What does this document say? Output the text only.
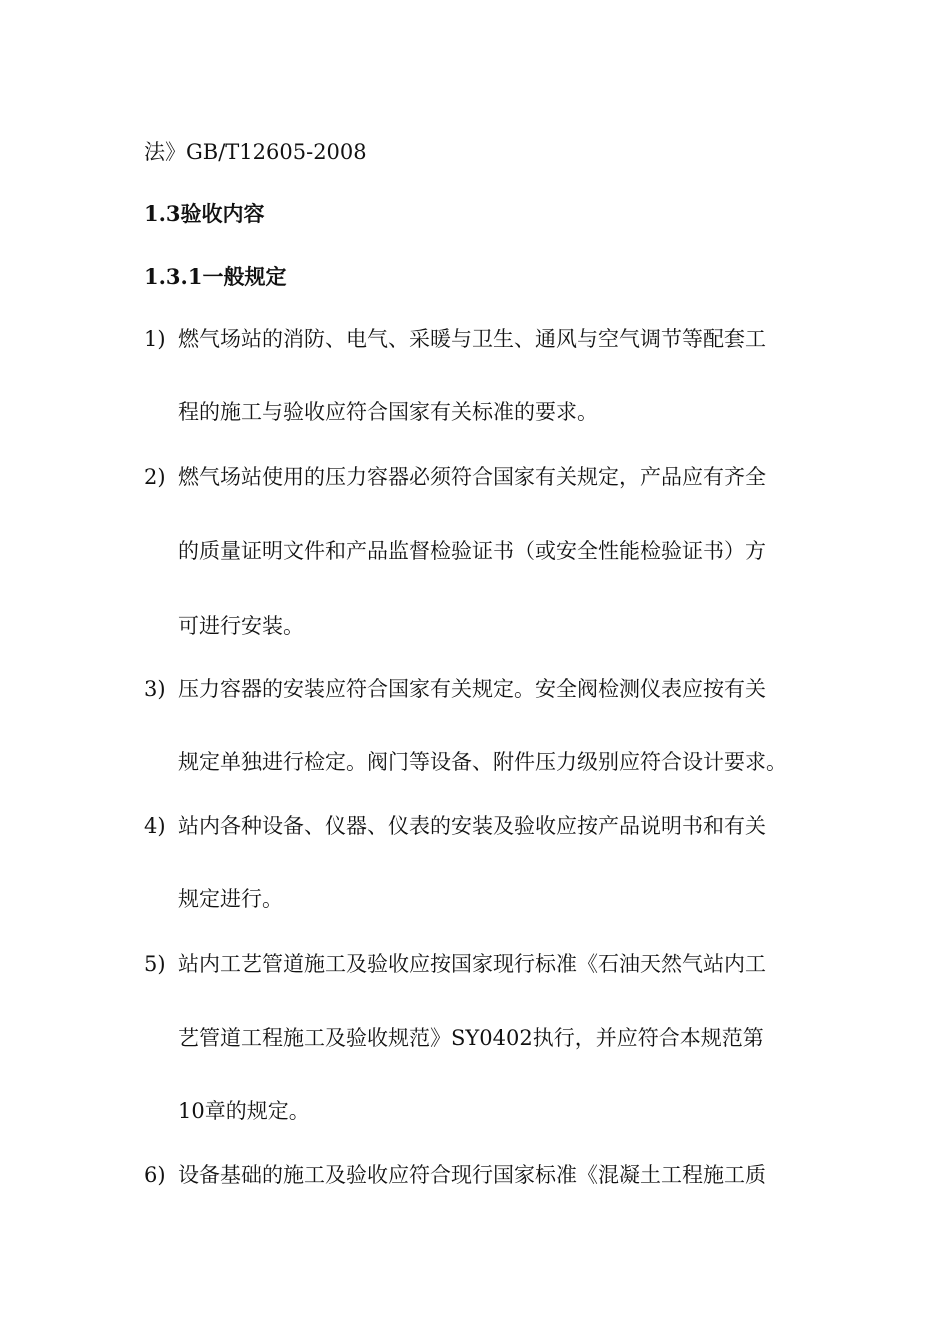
法》GB/T12605-2008
1.3验收内容
1.3.1一般规定
1) 燃气场站的消防、电气、采暖与卫生、通风与空气调节等配套工
程的施工与验收应符合国家有关标准的要求。
2) 燃气场站使用的压力容器必须符合国家有关规定，产品应有齐全
的质量证明文件和产品监督检验证书（或安全性能检验证书）方
可进行安装。
3) 压力容器的安装应符合国家有关规定。安全阀检测仪表应按有关
规定单独进行检定。阀门等设备、附件压力级别应符合设计要求。
4) 站内各种设备、仪器、仪表的安装及验收应按产品说明书和有关
规定进行。
5) 站内工艺管道施工及验收应按国家现行标准《石油天然气站内工
艺管道工程施工及验收规范》SY0402执行，并应符合本规范第
10章的规定。
6) 设备基础的施工及验收应符合现行国家标准《混凝土工程施工质
